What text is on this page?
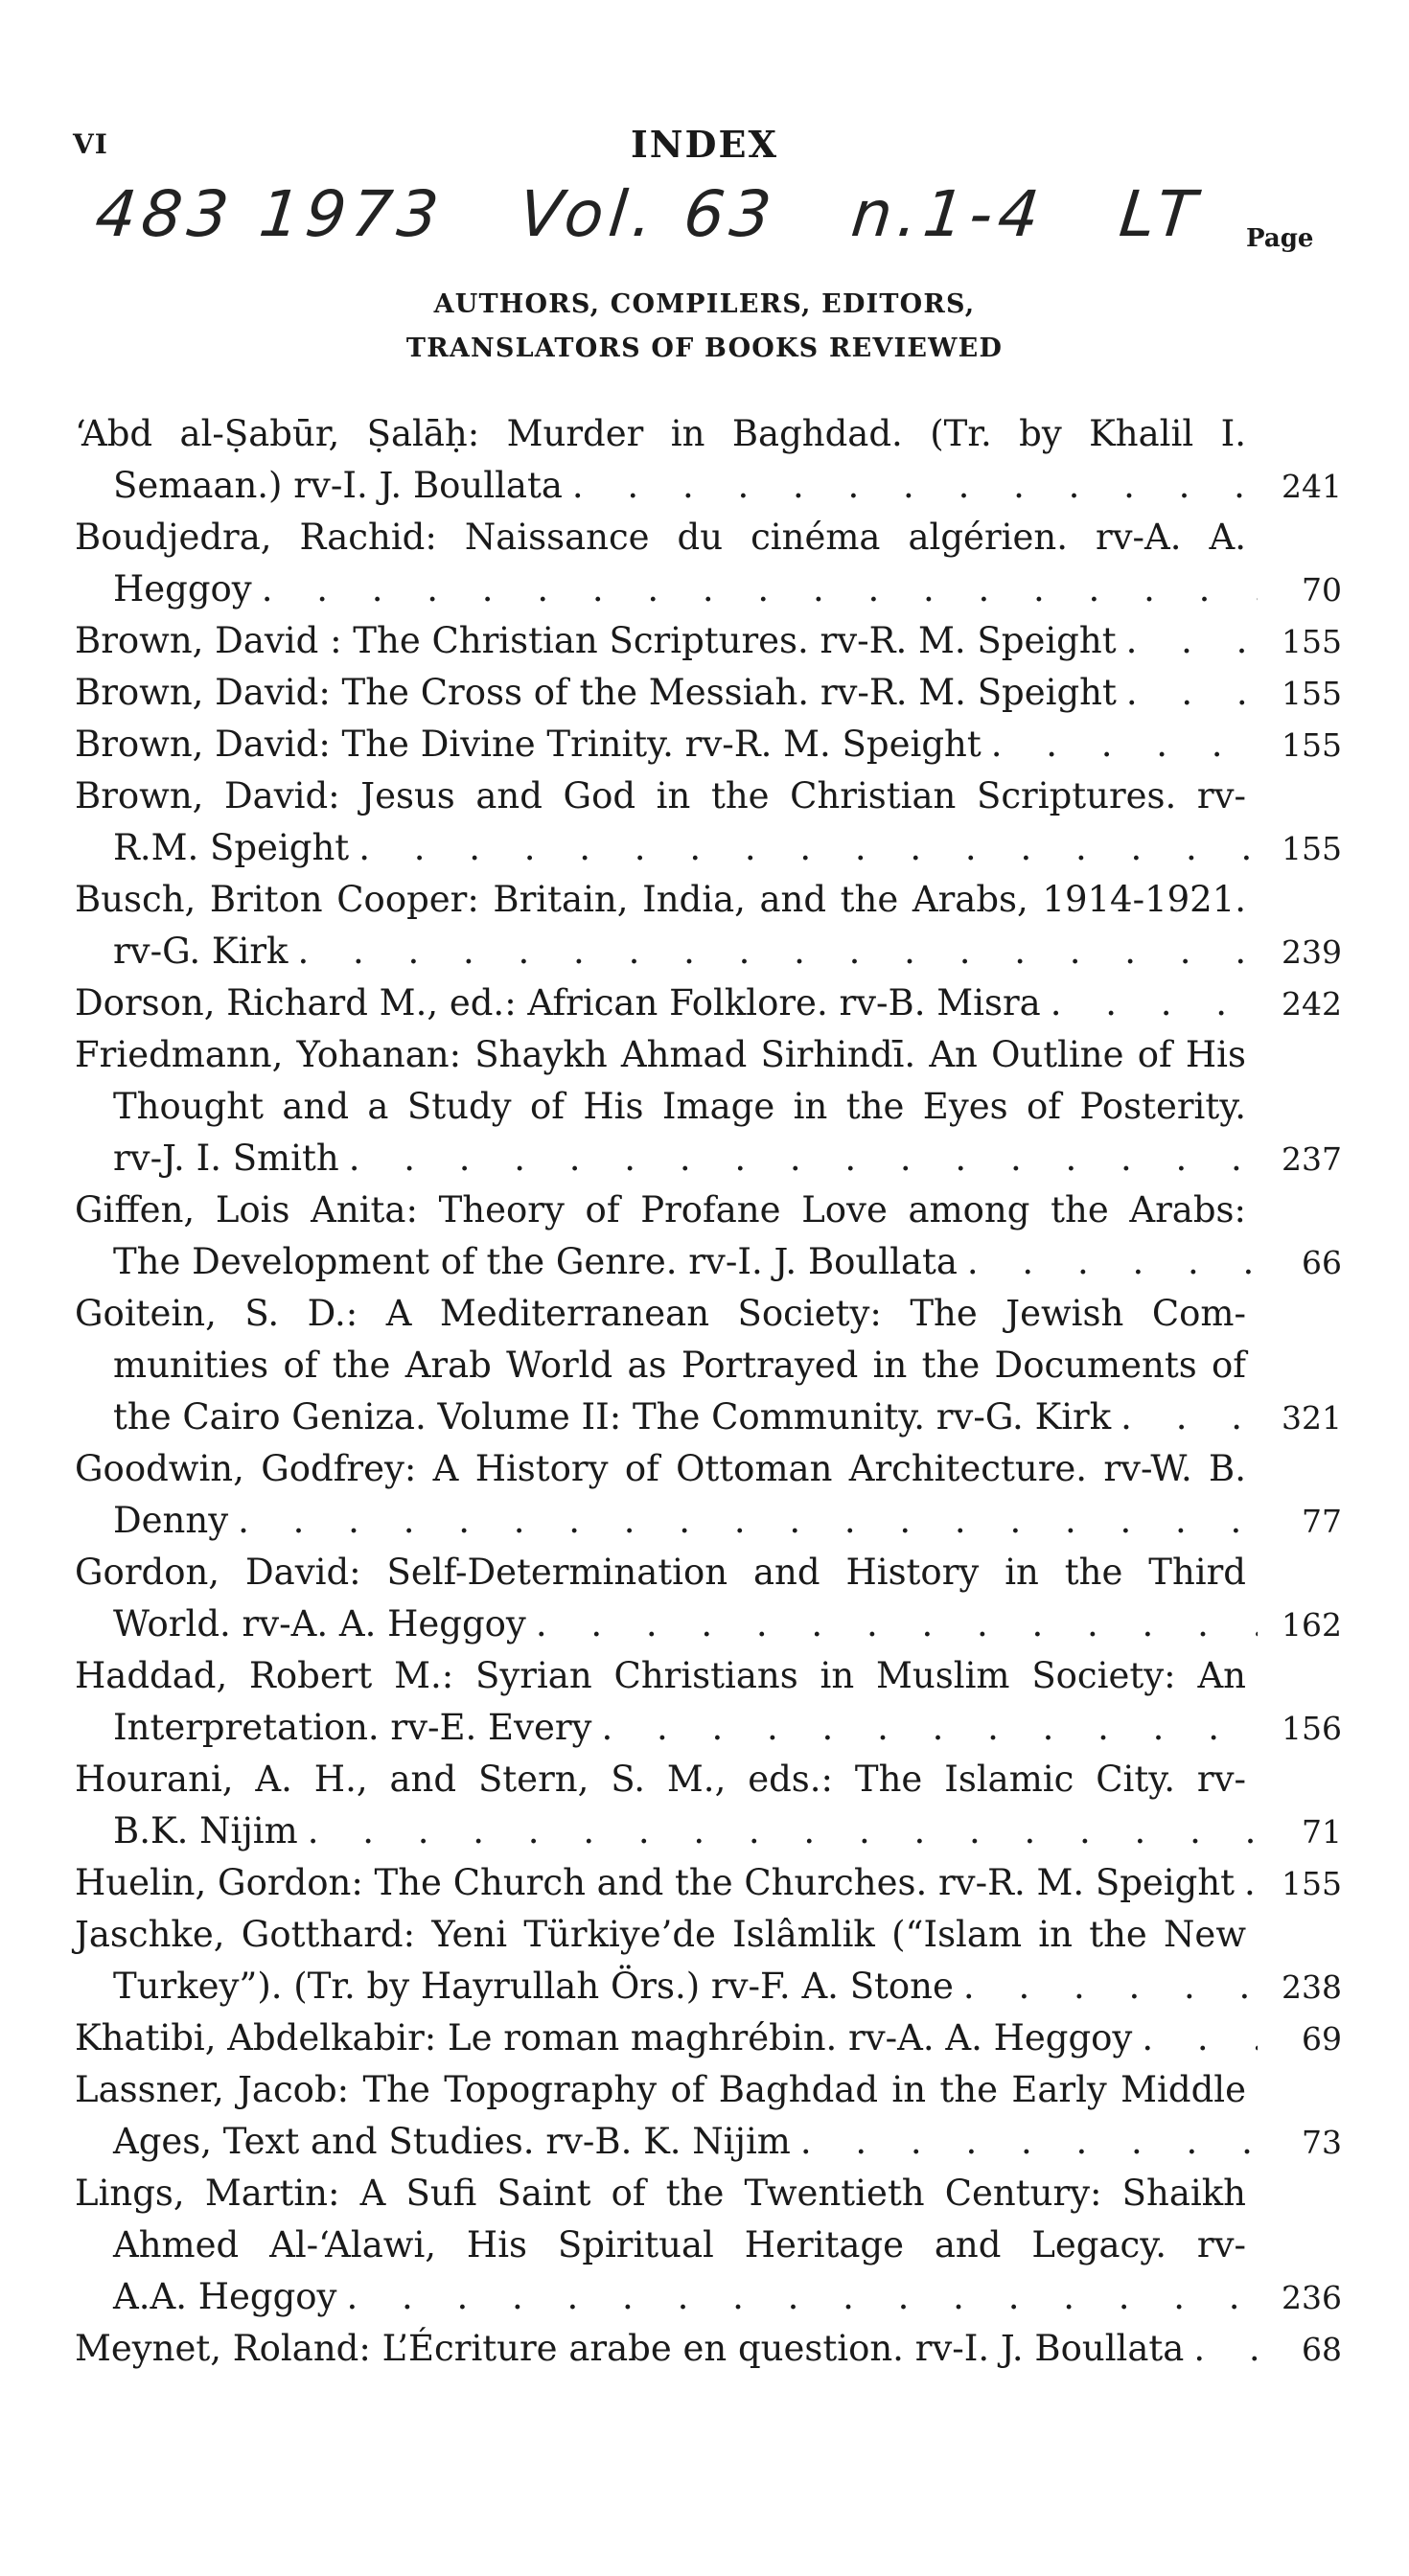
VI	INDEX
483 1973 Vol. 63 n.1-4 LT	Page
AUTHORS, COMPILERS, EDITORS,
TRANSLATORS OF BOOKS REVIEWED
‘Abd al-Ṣabūr, Ṣalāḥ: Murder in Baghdad. (Tr. by Khalil I.
Semaan.) rv-I. J. Boullata . . .	241
Boudjedra, Rachid: Naissance du cinéma algérien. rv-A. A.
Heggoy . . .	70
Brown, David : The Christian Scriptures. rv-R. M. Speight . . .	155
Brown, David: The Cross of the Messiah. rv-R. M. Speight . . .	155
Brown, David: The Divine Trinity. rv-R. M. Speight . . .	155
Brown, David: Jesus and God in the Christian Scriptures. rv-
R.M. Speight . . .	155
Busch, Briton Cooper: Britain, India, and the Arabs, 1914-1921.
rv-G. Kirk . . .	239
Dorson, Richard M., ed.: African Folklore. rv-B. Misra . . .	242
Friedmann, Yohanan: Shaykh Ahmad Sirhindī. An Outline of His
Thought and a Study of His Image in the Eyes of Posterity.
rv-J. I. Smith . . .	237
Giffen, Lois Anita: Theory of Profane Love among the Arabs:
The Development of the Genre. rv-I. J. Boullata . . .	66
Goitein, S. D.: A Mediterranean Society: The Jewish Com-
munities of the Arab World as Portrayed in the Documents of
the Cairo Geniza. Volume II: The Community. rv-G. Kirk . . .	321
Goodwin, Godfrey: A History of Ottoman Architecture. rv-W. B.
Denny . . .	77
Gordon, David: Self-Determination and History in the Third
World. rv-A. A. Heggoy . . .	162
Haddad, Robert M.: Syrian Christians in Muslim Society: An
Interpretation. rv-E. Every . . .	156
Hourani, A. H., and Stern, S. M., eds.: The Islamic City. rv-
B.K. Nijim . . .	71
Huelin, Gordon: The Church and the Churches. rv-R. M. Speight . . .	155
Jaschke, Gotthard: Yeni Türkiye’de Islâmlik (“Islam in the New
Turkey”). (Tr. by Hayrullah Örs.) rv-F. A. Stone . . .	238
Khatibi, Abdelkabir: Le roman maghrébin. rv-A. A. Heggoy . . .	69
Lassner, Jacob: The Topography of Baghdad in the Early Middle
Ages, Text and Studies. rv-B. K. Nijim . . .	73
Lings, Martin: A Sufi Saint of the Twentieth Century: Shaikh
Ahmed Al-‘Alawi, His Spiritual Heritage and Legacy. rv-
A.A. Heggoy . . .	236
Meynet, Roland: L’Écriture arabe en question. rv-I. J. Boullata . . .	68
